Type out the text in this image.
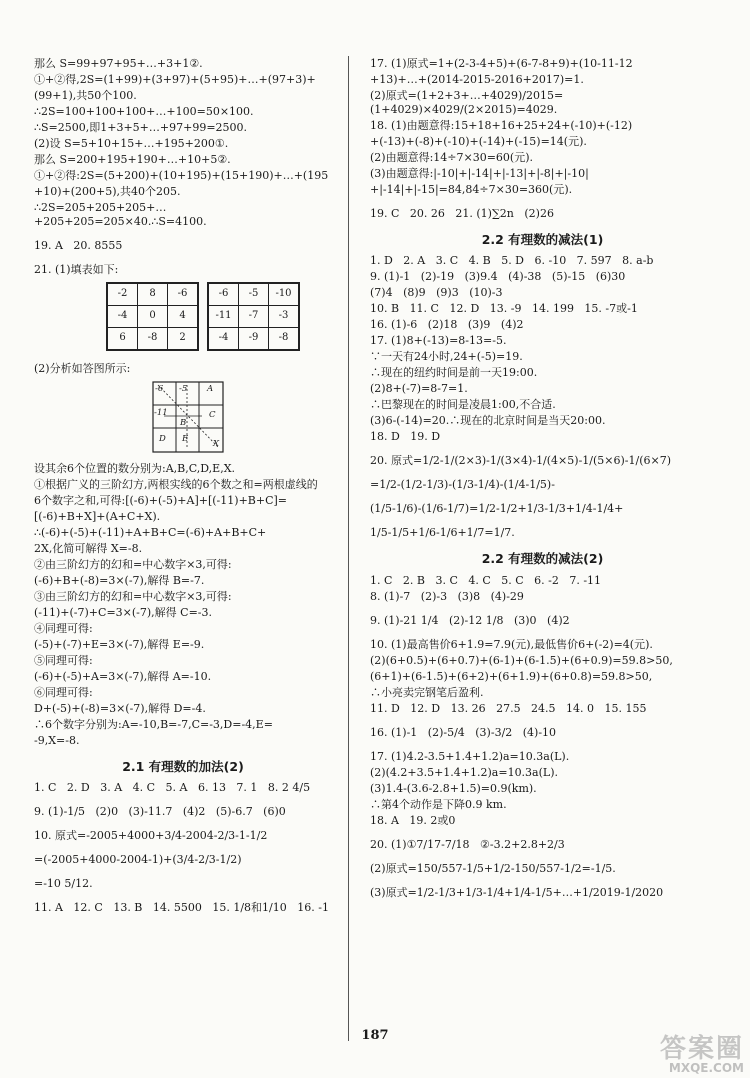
那么 S=99+97+95+…+3+1②.

①+②得,2S=(1+99)+(3+97)+(5+95)+…+(97+3)+

(99+1),共50个100.

∴2S=100+100+100+…+100=50×100.

∴S=2500,即1+3+5+…+97+99=2500.

(2)设 S=5+10+15+…+195+200①.

那么 S=200+195+190+…+10+5②.

①+②得:2S=(5+200)+(10+195)+(15+190)+…+(195

+10)+(200+5),共40个205.

∴2S=205+205+205+…+205+205=205×40.∴S=4100.

19. A   20. 8555

21. (1)填表如下:

-2	8	-6
-4	0	4
6	-8	2
-6	-5	-10
-11	-7	-3
-4	-9	-8

(2)分析如答图所示:

-6 -5 A
-11
B
C
D E	X

设其余6个位置的数分别为:A,B,C,D,E,X.

①根据广义的三阶幻方,两根实线的6个数之和=两根虚线的

6个数字之和,可得:[(-6)+(-5)+A]+[(-11)+B+C]=

[(-6)+B+X]+(A+C+X).

∴(-6)+(-5)+(-11)+A+B+C=(-6)+A+B+C+

2X,化简可解得 X=-8.

②由三阶幻方的幻和=中心数字×3,可得:

(-6)+B+(-8)=3×(-7),解得 B=-7.

③由三阶幻方的幻和=中心数字×3,可得:

(-11)+(-7)+C=3×(-7),解得 C=-3.

④同理可得:

(-5)+(-7)+E=3×(-7),解得 E=-9.

⑤同理可得:

(-6)+(-5)+A=3×(-7),解得 A=-10.

⑥同理可得:

D+(-5)+(-8)=3×(-7),解得 D=-4.

∴6个数字分别为:A=-10,B=-7,C=-3,D=-4,E=

-9,X=-8.

2.1 有理数的加法(2)

1. C   2. D   3. A   4. C   5. A   6. 13   7. 1   8. 2 4/5

9. (1)-1/5   (2)0   (3)-11.7   (4)2   (5)-6.7   (6)0

10. 原式=-2005+4000+3/4-2004-2/3-1-1/2

=(-2005+4000-2004-1)+(3/4-2/3-1/2)

=-10 5/12.

11. A   12. C   13. B   14. 5500   15. 1/8和1/10   16. -1

17. (1)原式=1+(2-3-4+5)+(6-7-8+9)+(10-11-12

+13)+…+(2014-2015-2016+2017)=1.

(2)原式=(1+2+3+…+4029)/2015=(1+4029)×4029/(2×2015)=4029.

18. (1)由题意得:15+18+16+25+24+(-10)+(-12)

+(-13)+(-8)+(-10)+(-14)+(-15)=14(元).

(2)由题意得:14÷7×30=60(元).

(3)由题意得:|-10|+|-14|+|-13|+|-8|+|-10|

+|-14|+|-15|=84,84÷7×30=360(元).

19. C   20. 26   21. (1)∑2n   (2)26

2.2 有理数的减法(1)

1. D   2. A   3. C   4. B   5. D   6. -10   7. 597   8. a-b

9. (1)-1   (2)-19   (3)9.4   (4)-38   (5)-15   (6)30

(7)4   (8)9   (9)3   (10)-3

10. B   11. C   12. D   13. -9   14. 199   15. -7或-1

16. (1)-6   (2)18   (3)9   (4)2

17. (1)8+(-13)=8-13=-5.

∵一天有24小时,24+(-5)=19.

∴现在的纽约时间是前一天19:00.

(2)8+(-7)=8-7=1.

∴巴黎现在的时间是凌晨1:00,不合适.

(3)6-(-14)=20.∴现在的北京时间是当天20:00.

18. D   19. D

20. 原式=1/2-1/(2×3)-1/(3×4)-1/(4×5)-1/(5×6)-1/(6×7)

=1/2-(1/2-1/3)-(1/3-1/4)-(1/4-1/5)-

(1/5-1/6)-(1/6-1/7)=1/2-1/2+1/3-1/3+1/4-1/4+

1/5-1/5+1/6-1/6+1/7=1/7.

2.2 有理数的减法(2)

1. C   2. B   3. C   4. C   5. C   6. -2   7. -11

8. (1)-7   (2)-3   (3)8   (4)-29

9. (1)-21 1/4   (2)-12 1/8   (3)0   (4)2

10. (1)最高售价6+1.9=7.9(元),最低售价6+(-2)=4(元).

(2)(6+0.5)+(6+0.7)+(6-1)+(6-1.5)+(6+0.9)=59.8>50,

(6+1)+(6-1.5)+(6+2)+(6+1.9)+(6+0.8)=59.8>50,

∴小亮卖完钢笔后盈利.

11. D   12. D   13. 26   27.5   24.5   14. 0   15. 155

16. (1)-1   (2)-5/4   (3)-3/2   (4)-10

17. (1)4.2-3.5+1.4+1.2)a=10.3a(L).

(2)(4.2+3.5+1.4+1.2)a=10.3a(L).

(3)1.4-(3.6-2.8+1.5)=0.9(km).

∴第4个动作是下降0.9 km.

18. A   19. 2或0

20. (1)①7/17-7/18   ②-3.2+2.8+2/3

(2)原式=150/557-1/5+1/2-150/557-1/2=-1/5.

(3)原式=1/2-1/3+1/3-1/4+1/4-1/5+…+1/2019-1/2020

187	答案圈
MXQE.COM
